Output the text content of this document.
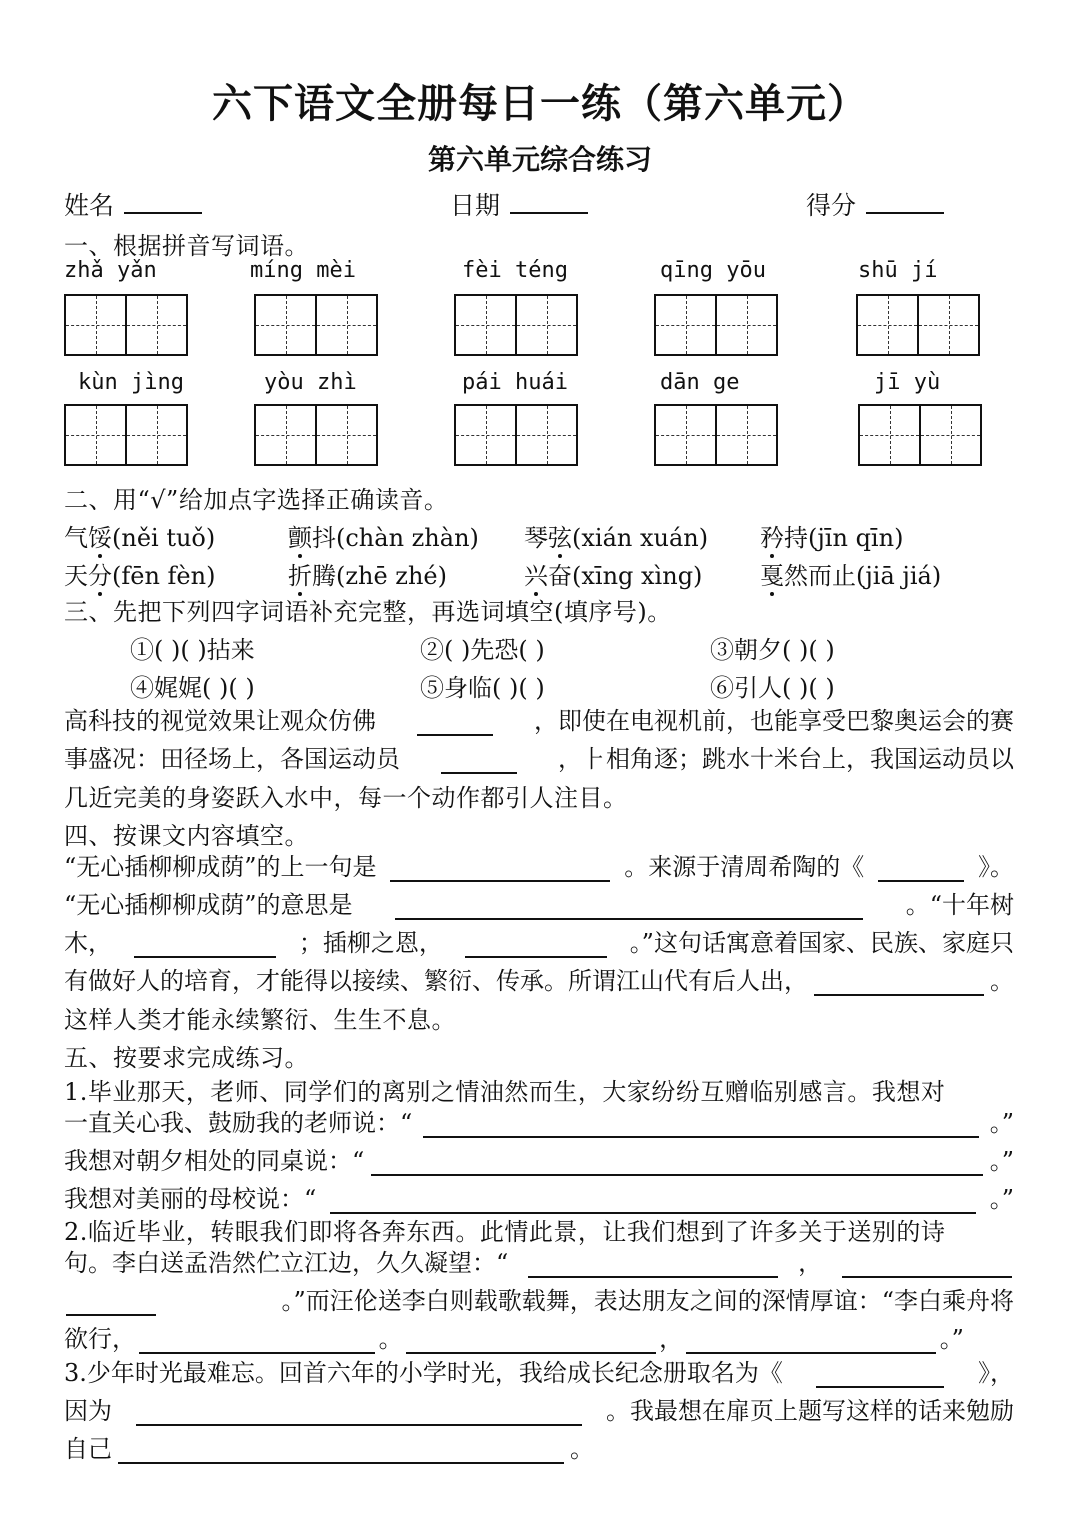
六下语文全册每日一练（第六单元）
第六单元综合练习
姓名	日期	得分
一、根据拼音写词语。
zhǎ yǎn	míng mèi	fèi téng	qīng yōu	shū jí
kùn jìng	yòu zhì	pái huái	dān ge	jī yù
二、用“√”给加点字选择正确读音。
气馁(něi tuǒ)	颤抖(chàn zhàn) 琴弦(xián xuán) 矜持(jīn qīn)
天分(fēn fèn)	折腾(zhē zhé)	兴奋(xīng xìng) 戛然而止(jiā jiá)
三、先把下列四字词语补充完整，再选词填空(填序号)。
①( )( )拈来	②( )先恐( )	③朝夕( )( )
④娓娓( )( )	⑤身临( )( )	⑥引人( )( )
高科技的视觉效果让观众仿佛	，即使在电视机前，也能享受巴黎奥运会的赛
事盛况：田径场上，各国运动员	，⺊相角逐；跳水十米台上，我国运动员以
几近完美的身姿跃入水中，每一个动作都引人注目。
四、按课文内容填空。
“无心插柳柳成荫”的上一句是	。来源于清周希陶的《	》。
“无心插柳柳成荫”的意思是	。“十年树
木，	；插柳之恩，	。”这句话寓意着国家、民族、家庭只
有做好人的培育，才能得以接续、繁衍、传承。所谓江山代有后人出，	。
这样人类才能永续繁衍、生生不息。
五、按要求完成练习。
1.毕业那天，老师、同学们的离别之情油然而生，大家纷纷互赠临别感言。我想对
一直关心我、鼓励我的老师说：“	。”
我想对朝夕相处的同桌说：“	。”
我想对美丽的母校说：“	。”
2.临近毕业，转眼我们即将各奔东西。此情此景，让我们想到了许多关于送别的诗
句。李白送孟浩然伫立江边，久久凝望：“	，
。”而汪伦送李白则载歌载舞，表达朋友之间的深情厚谊：“李白乘舟将
欲行，	。	，	。”
3.少年时光最难忘。回首六年的小学时光，我给成长纪念册取名为《	》，
因为	。我最想在扉页上题写这样的话来勉励
自己	。
